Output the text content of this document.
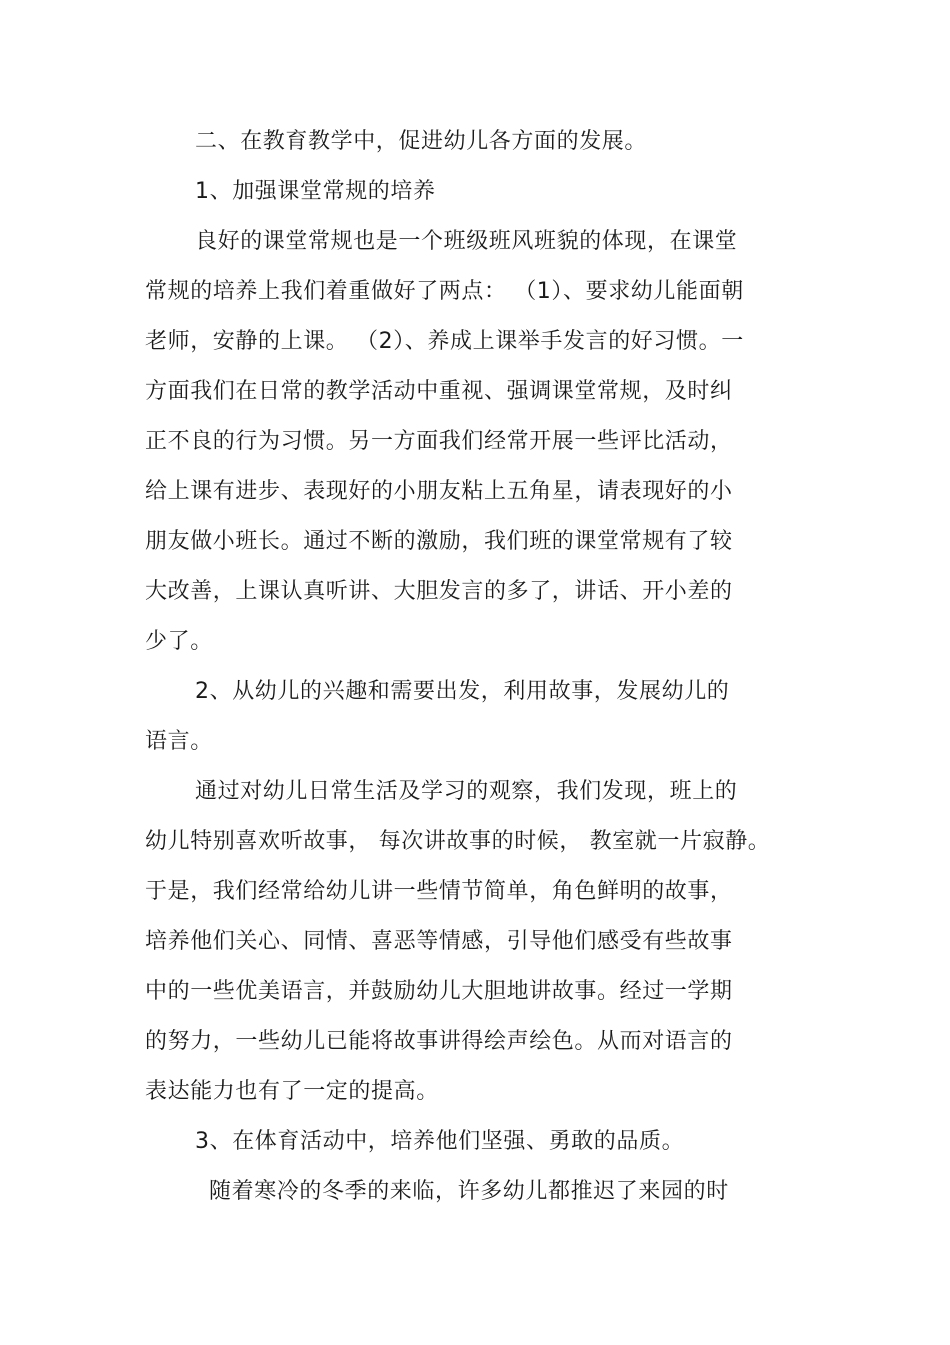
二、在教育教学中，促进幼儿各方面的发展。
1、加强课堂常规的培养
良好的课堂常规也是一个班级班风班貌的体现，在课堂
常规的培养上我们着重做好了两点： （1）、要求幼儿能面朝
老师，安静的上课。 （2）、养成上课举手发言的好习惯。一
方面我们在日常的教学活动中重视、强调课堂常规，及时纠
正不良的行为习惯。另一方面我们经常开展一些评比活动，
给上课有进步、表现好的小朋友粘上五角星，请表现好的小
朋友做小班长。通过不断的激励，我们班的课堂常规有了较
大改善，上课认真听讲、大胆发言的多了，讲话、开小差的
少了。
2、从幼儿的兴趣和需要出发，利用故事，发展幼儿的
语言。
通过对幼儿日常生活及学习的观察，我们发现，班上的
幼儿特别喜欢听故事， 每次讲故事的时候， 教室就一片寂静。
于是，我们经常给幼儿讲一些情节简单，角色鲜明的故事，
培养他们关心、同情、喜恶等情感，引导他们感受有些故事
中的一些优美语言，并鼓励幼儿大胆地讲故事。经过一学期
的努力，一些幼儿已能将故事讲得绘声绘色。从而对语言的
表达能力也有了一定的提高。
3、在体育活动中，培养他们坚强、勇敢的品质。
随着寒冷的冬季的来临，许多幼儿都推迟了来园的时
